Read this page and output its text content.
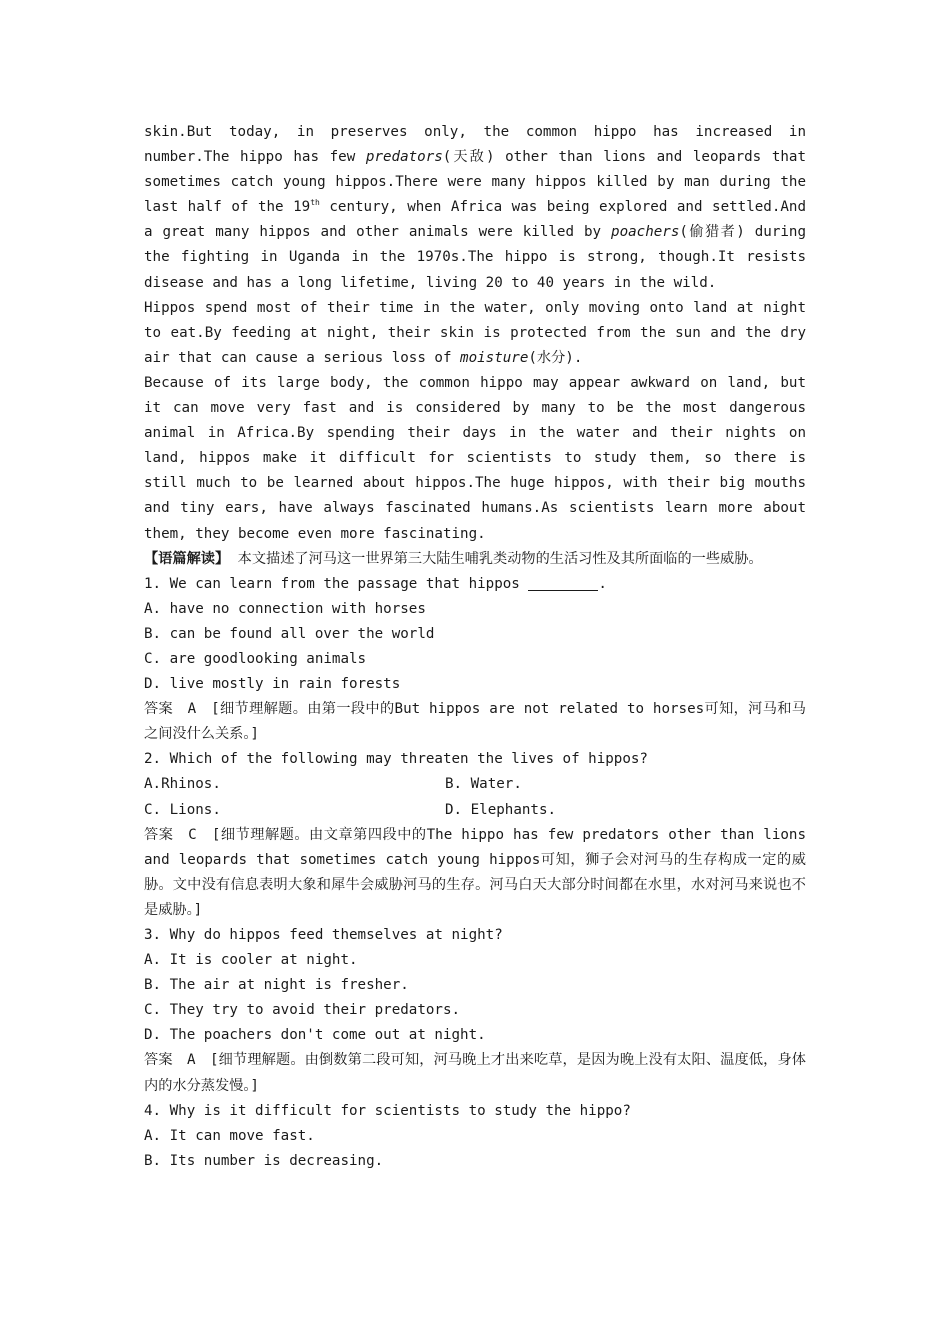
skin.But today, in preserves only, the common hippo has increased in number.The hippo has few predators(天敌) other than lions and leopards that sometimes catch young hippos.There were many hippos killed by man during the last half of the 19th century, when Africa was being explored and settled.And a great many hippos and other animals were killed by poachers(偷猎者) during the fighting in Uganda in the 1970s.The hippo is strong, though.It resists disease and has a long lifetime, living 20 to 40 years in the wild.

Hippos spend most of their time in the water, only moving onto land at night to eat.By feeding at night, their skin is protected from the sun and the dry air that can cause a serious loss of moisture(水分).

Because of its large body, the common hippo may appear awkward on land, but it can move very fast and is considered by many to be the most dangerous animal in Africa.By spending their days in the water and their nights on land, hippos make it difficult for scientists to study them, so there is still much to be learned about hippos.The huge hippos, with their big mouths and tiny ears, have always fascinated humans.As scientists learn more about them, they become even more fascinating.

【语篇解读】 本文描述了河马这一世界第三大陆生哺乳类动物的生活习性及其所面临的一些威胁。

1. We can learn from the passage that hippos	.

A. have no connection with horses

B. can be found all over the world

C. are goodlooking animals

D. live mostly in rain forests

答案　A　[细节理解题。由第一段中的But hippos are not related to horses可知，河马和马之间没什么关系。]

2. Which of the following may threaten the lives of hippos?

A.Rhinos.	B. Water.
C. Lions.	D. Elephants.

答案　C　[细节理解题。由文章第四段中的The hippo has few predators other than lions and leopards that sometimes catch young hippos可知，狮子会对河马的生存构成一定的威胁。文中没有信息表明大象和犀牛会威胁河马的生存。河马白天大部分时间都在水里，水对河马来说也不是威胁。]

3. Why do hippos feed themselves at night?

A. It is cooler at night.

B. The air at night is fresher.

C. They try to avoid their predators.

D. The poachers don't come out at night.

答案　A　[细节理解题。由倒数第二段可知，河马晚上才出来吃草，是因为晚上没有太阳、温度低，身体内的水分蒸发慢。]

4. Why is it difficult for scientists to study the hippo?

A. It can move fast.

B. Its number is decreasing.
